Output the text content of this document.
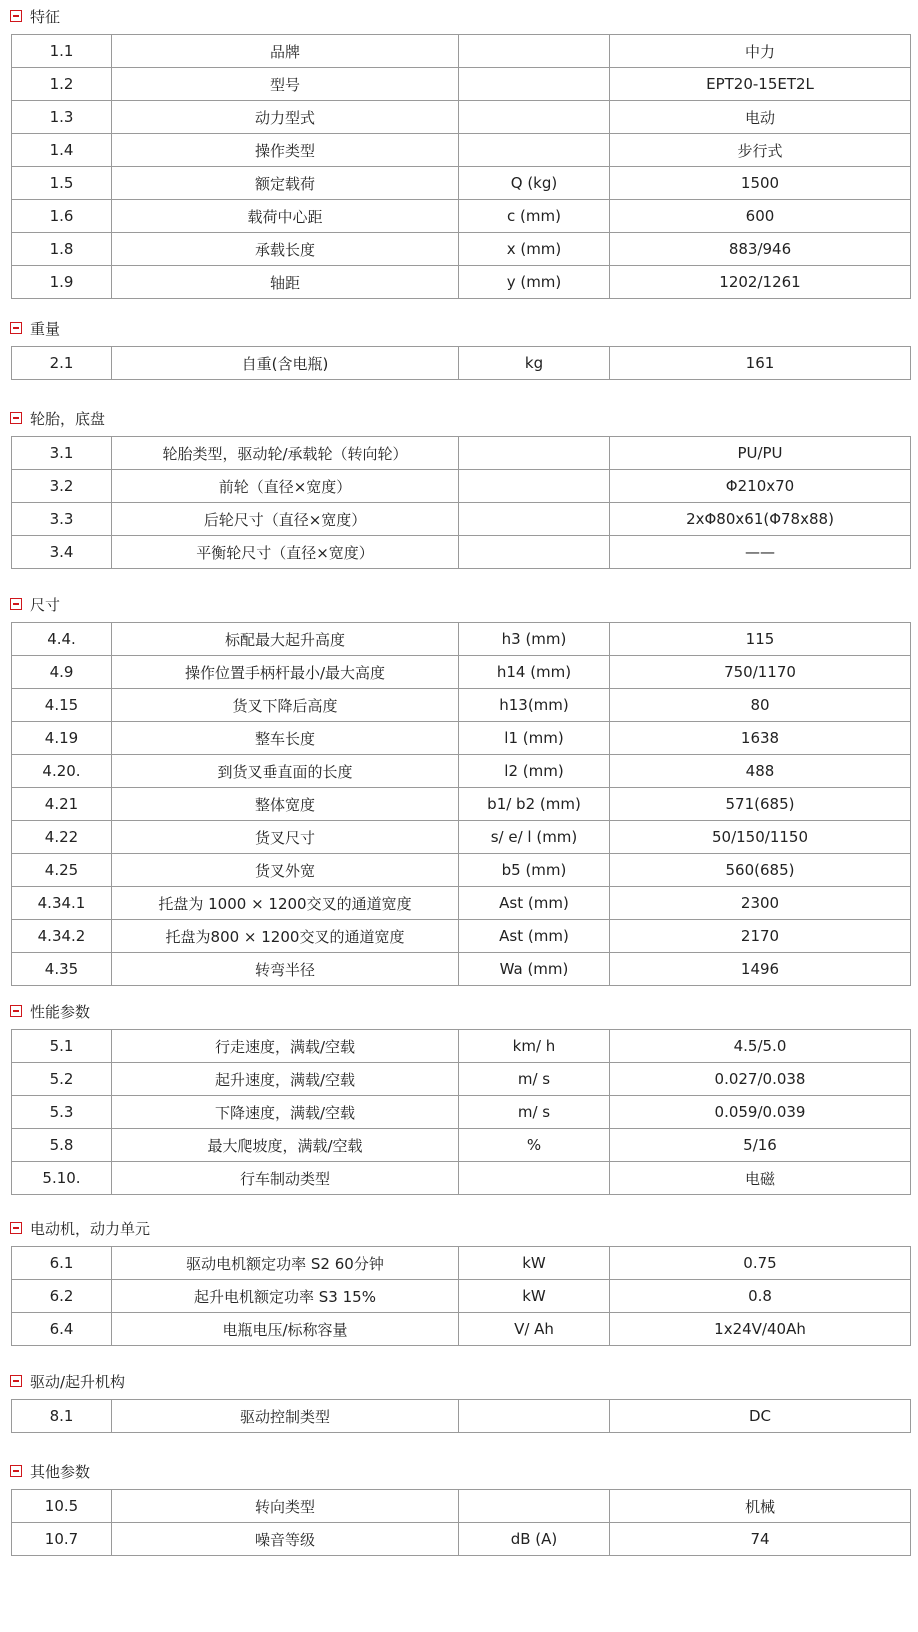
特征
1.1	品牌		中力
1.2	型号		EPT20-15ET2L
1.3	动力型式		电动
1.4	操作类型		步行式
1.5	额定载荷	Q (kg)	1500
1.6	载荷中心距	c (mm)	600
1.8	承载长度	x (mm)	883/946
1.9	轴距	y (mm)	1202/1261
重量
2.1	自重(含电瓶)	kg	161
轮胎，底盘
3.1	轮胎类型，驱动轮/承载轮（转向轮）		PU/PU
3.2	前轮（直径×宽度）		Φ210x70
3.3	后轮尺寸（直径×宽度）		2xΦ80x61(Φ78x88)
3.4	平衡轮尺寸（直径×宽度）		——
尺寸
4.4.	标配最大起升高度	h3 (mm)	115
4.9	操作位置手柄杆最小/最大高度	h14 (mm)	750/1170
4.15	货叉下降后高度	h13(mm)	80
4.19	整车长度	l1 (mm)	1638
4.20.	到货叉垂直面的长度	l2 (mm)	488
4.21	整体宽度	b1/ b2 (mm)	571(685)
4.22	货叉尺寸	s/ e/ l (mm)	50/150/1150
4.25	货叉外宽	b5 (mm)	560(685)
4.34.1	托盘为 1000 × 1200交叉的通道宽度	Ast (mm)	2300
4.34.2	托盘为800 × 1200交叉的通道宽度	Ast (mm)	2170
4.35	转弯半径	Wa (mm)	1496
性能参数
5.1	行走速度，满载/空载	km/ h	4.5/5.0
5.2	起升速度，满载/空载	m/ s	0.027/0.038
5.3	下降速度，满载/空载	m/ s	0.059/0.039
5.8	最大爬坡度，满载/空载	%	5/16
5.10.	行车制动类型		电磁
电动机，动力单元
6.1	驱动电机额定功率 S2 60分钟	kW	0.75
6.2	起升电机额定功率 S3 15%	kW	0.8
6.4	电瓶电压/标称容量	V/ Ah	1x24V/40Ah
驱动/起升机构
8.1	驱动控制类型		DC
其他参数
10.5	转向类型		机械
10.7	噪音等级	dB (A)	74
